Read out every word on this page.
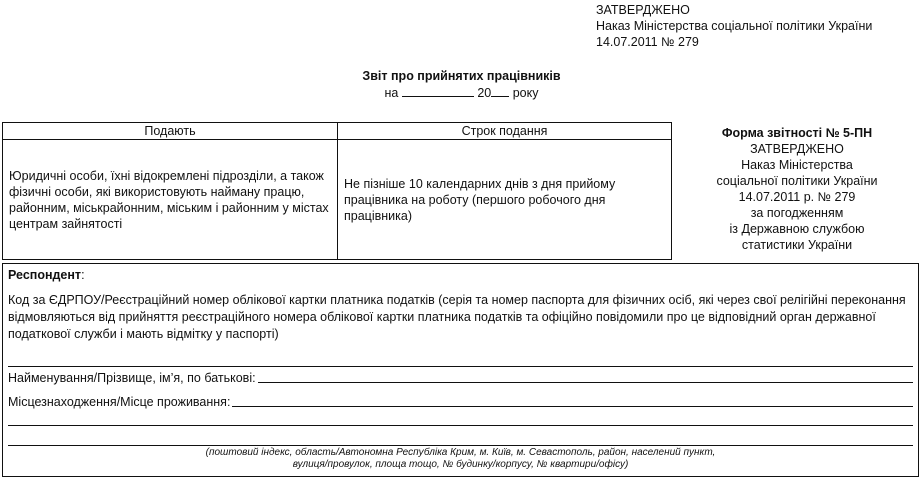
ЗАТВЕРДЖЕНО
Наказ Міністерства соціальної політики України
14.07.2011 № 279
Звіт про прийнятих працівників
на	20 року
Подають	Строк подання
Юридичні особи, їхні відокремлені підрозділи, а також фізичні особи, які використовують найману працю, районним, міськрайонним, міським і районним у містах центрам зайнятості	Не пізніше 10 календарних днів з дня прийому працівника на роботу (першого робочого дня працівника)
Форма звітності № 5-ПН
ЗАТВЕРДЖЕНО
Наказ Міністерства
соціальної політики України
14.07.2011 р. № 279
за погодженням
із Державною службою
статистики України
Респондент:
Код за ЄДРПОУ/Реєстраційний номер облікової картки платника податків (серія та номер паспорта для фізичних осіб, які через свої релігійні переконання відмовляються від прийняття реєстраційного номера облікової картки платника податків та офіційно повідомили про це відповідний орган державної податкової служби і мають відмітку у паспорті)
Найменування/Прізвище, ім’я, по батькові:
Місцезнаходження/Місце проживання:
(поштовий індекс, область/Автономна Республіка Крим, м. Київ, м. Севастополь, район, населений пункт,
вулиця/провулок, площа тощо, № будинку/корпусу, № квартири/офісу)
